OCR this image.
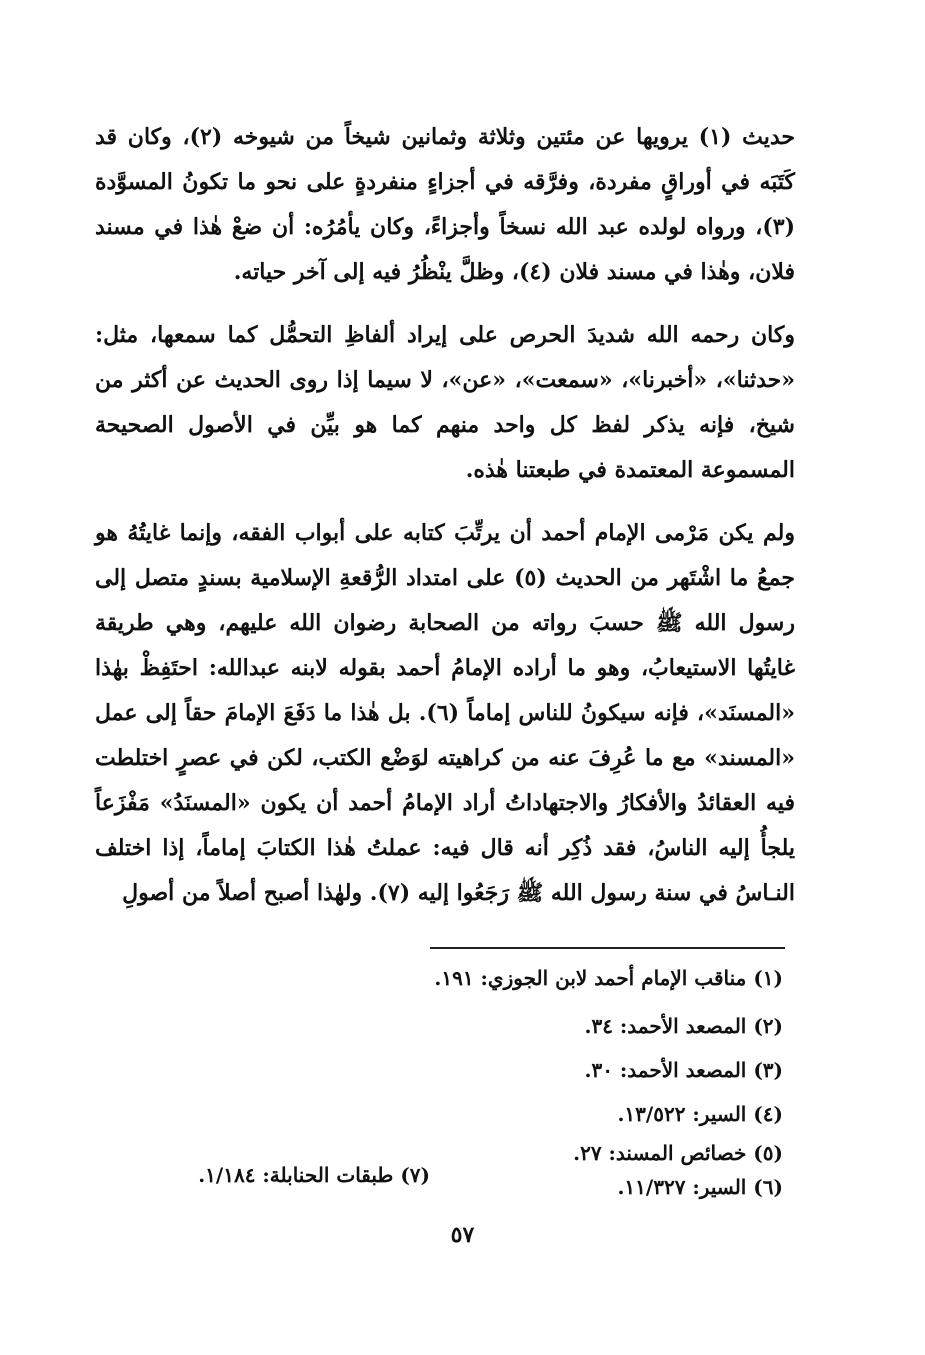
حديث (١) يرويها عن مئتين وثلاثة وثمانين شيخاً من شيوخه (٢)، وكان قد كَتَبَه في أوراقٍ مفردة، وفرَّقه في أجزاءٍ منفردةٍ على نحو ما تكونُ المسوَّدة (٣)، ورواه لولده عبد الله نسخاً وأجزاءً، وكان يأمُرُه: أن ضعْ هٰذا في مسند فلان، وهٰذا في مسند فلان (٤)، وظلَّ ينْظُرُ فيه إلى آخر حياته.

وكان رحمه الله شديدَ الحرص على إيراد ألفاظِ التحمُّل كما سمعها، مثل: «حدثنا»، «أخبرنا»، «سمعت»، «عن»، لا سيما إذا روى الحديث عن أكثر من شيخ، فإنه يذكر لفظ كل واحد منهم كما هو بيِّن في الأصول الصحيحة المسموعة المعتمدة في طبعتنا هٰذه.

ولم يكن مَرْمى الإمام أحمد أن يرتِّبَ كتابه على أبواب الفقه، وإنما غايتُهُ هو جمعُ ما اشْتَهر من الحديث (٥) على امتداد الرُّقعةِ الإسلامية بسندٍ متصل إلى رسول الله ﷺ حسبَ رواته من الصحابة رضوان الله عليهم، وهي طريقة غايتُها الاستيعابُ، وهو ما أراده الإمامُ أحمد بقوله لابنه عبدالله: احتَفِظْ بهٰذا «المسنَد»، فإنه سيكونُ للناس إماماً (٦). بل هٰذا ما دَفَعَ الإمامَ حقاً إلى عمل «المسند» مع ما عُرِفَ عنه من كراهيته لوَضْع الكتب، لكن في عصرٍ اختلطت فيه العقائدُ والأفكارُ والاجتهاداتُ أراد الإمامُ أحمد أن يكون «المسنَدُ» مَفْزَعاً يلجأُ إليه الناسُ، فقد ذُكِر أنه قال فيه: عملتُ هٰذا الكتابَ إماماً، إذا اختلف النـاسُ في سنة رسول الله ﷺ رَجَعُوا إليه (٧). ولهٰذا أصبح أصلاً من أصولِ

(١) مناقب الإمام أحمد لابن الجوزي: ١٩١.
(٢) المصعد الأحمد: ٣٤.
(٣) المصعد الأحمد: ٣٠.
(٤) السير: ١٣/٥٢٢.
(٥) خصائص المسند: ٢٧.
(٦) السير: ١١/٣٢٧.
(٧) طبقات الحنابلة: ١/١٨٤.
٥٧
